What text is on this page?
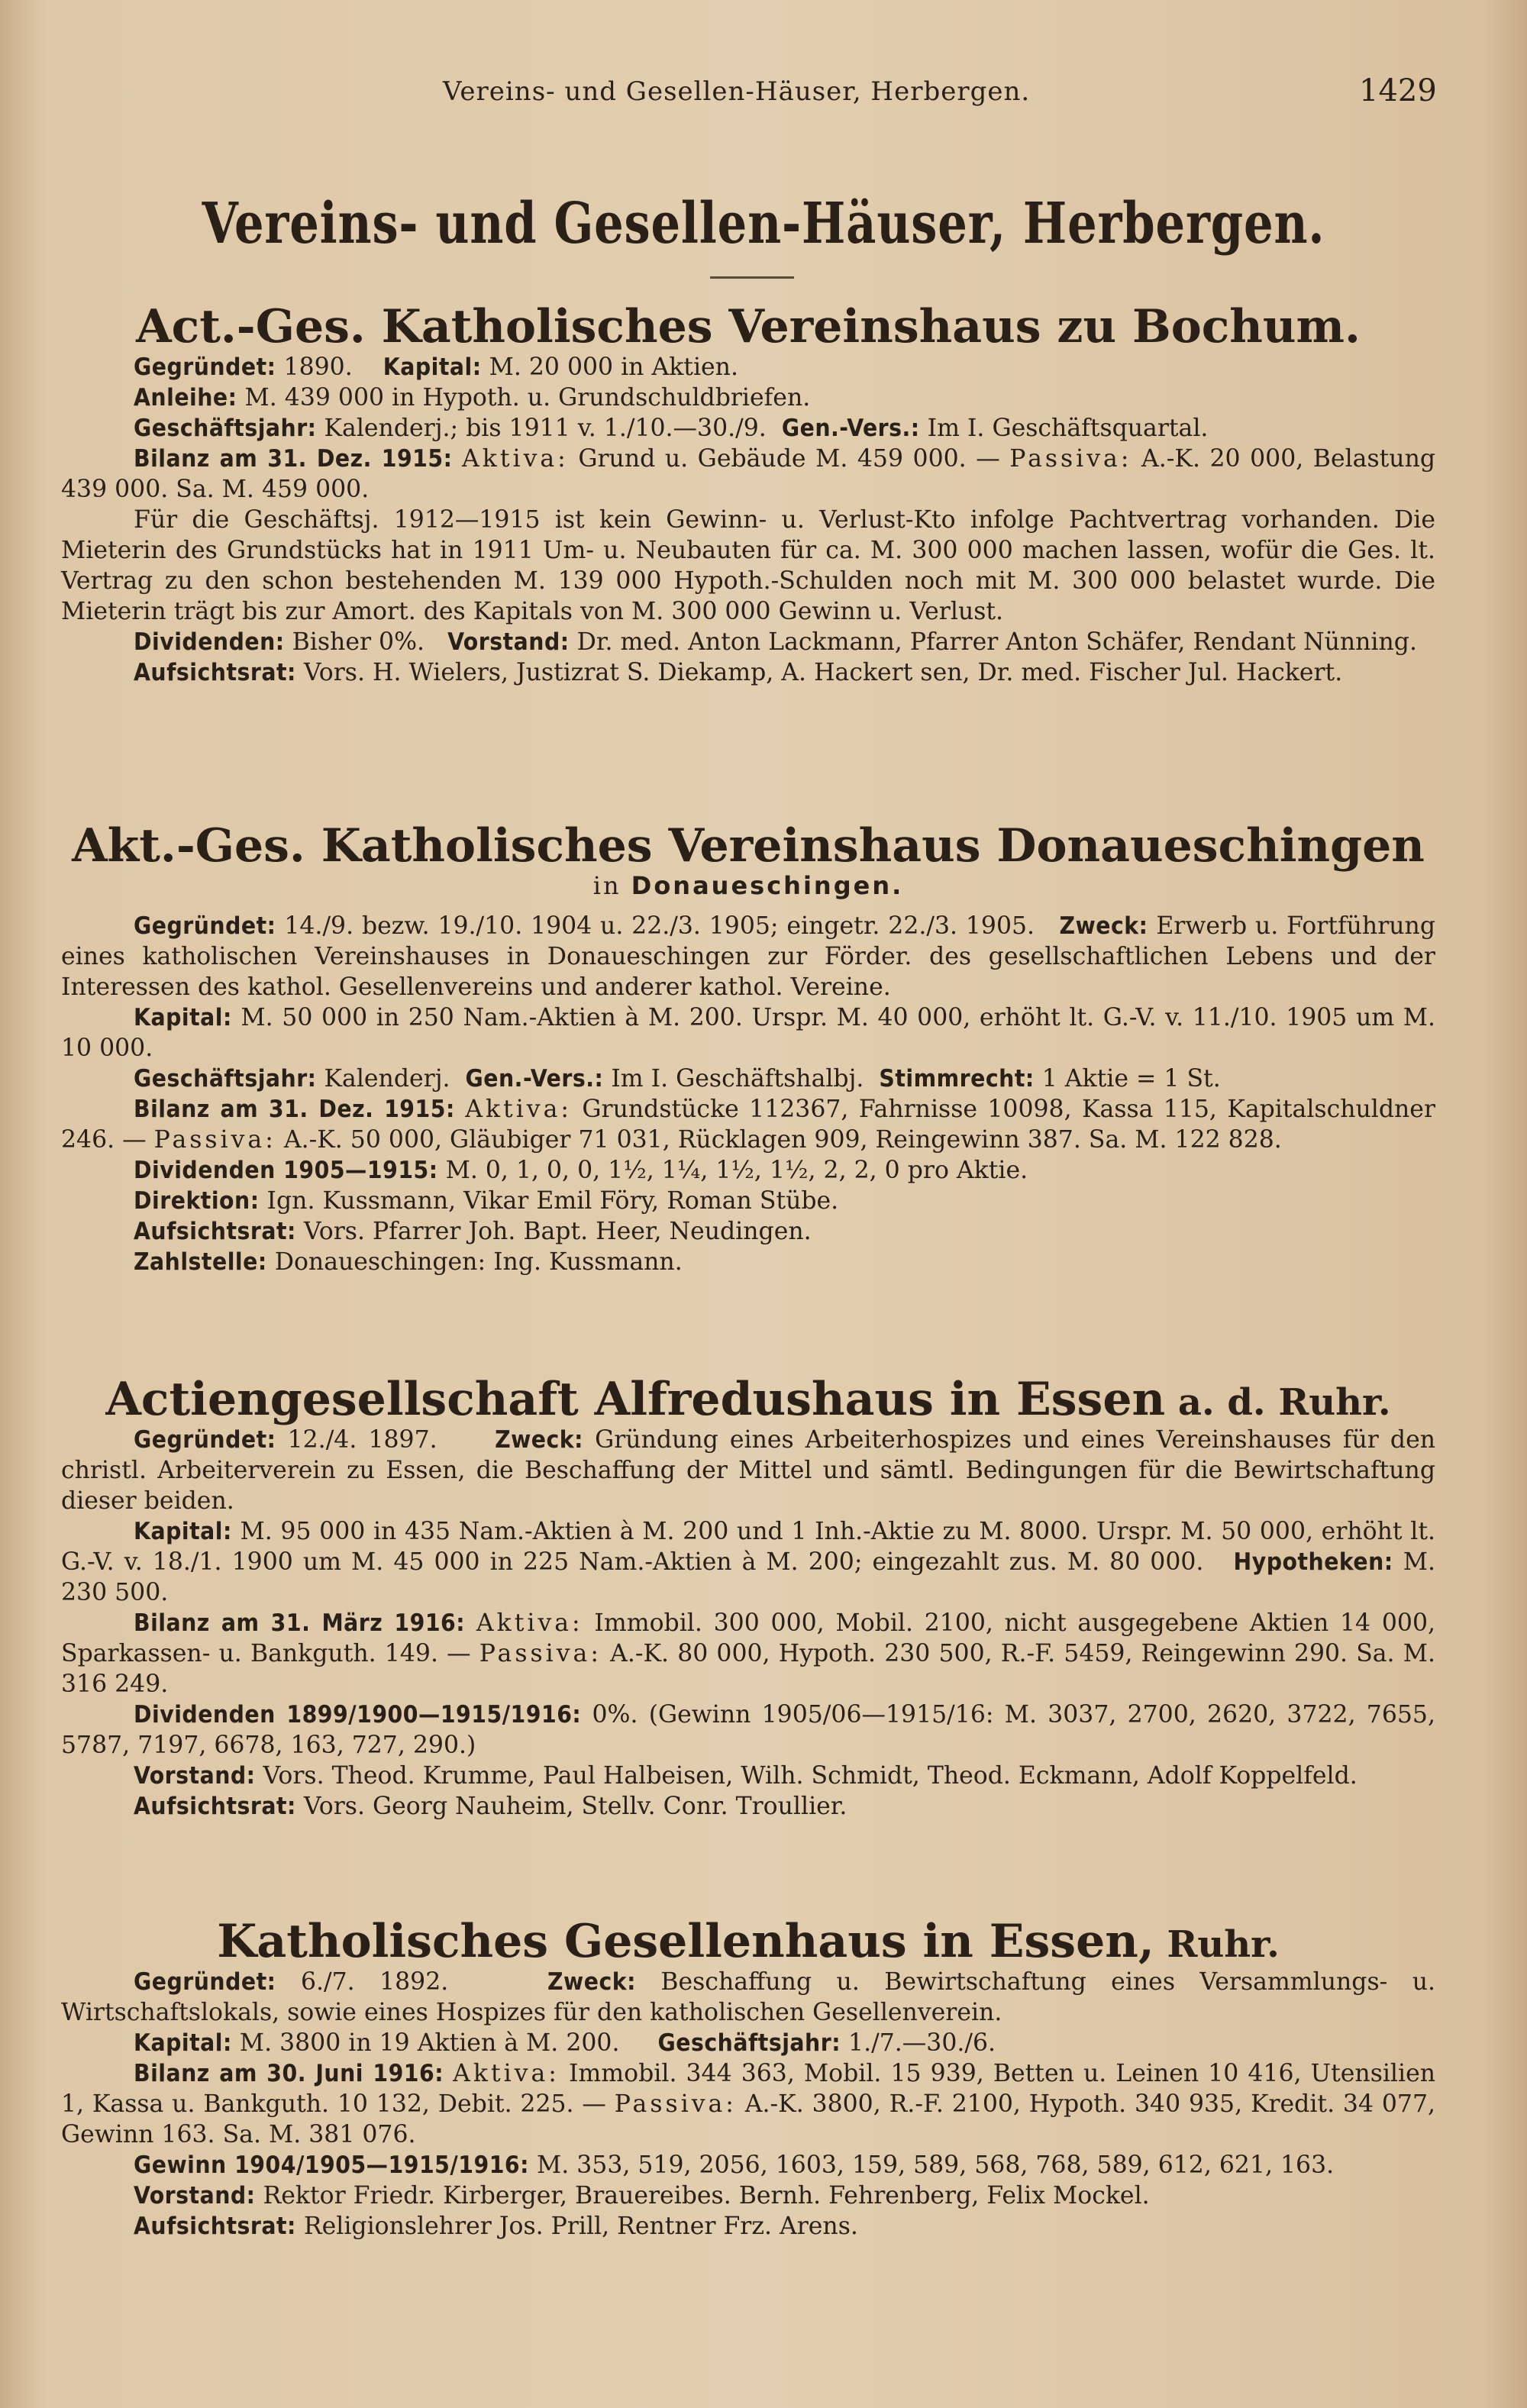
Vereins- und Gesellen-Häuser, Herbergen.	1429
Vereins- und Gesellen-Häuser, Herbergen.
Act.-Ges. Katholisches Vereinshaus zu Bochum.

Gegründet: 1890.    Kapital: M. 20 000 in Aktien.

Anleihe: M. 439 000 in Hypoth. u. Grundschuldbriefen.

Geschäftsjahr: Kalenderj.; bis 1911 v. 1./10.—30./9.  Gen.-Vers.: Im I. Geschäftsquartal.

Bilanz am 31. Dez. 1915: Aktiva: Grund u. Gebäude M. 459 000. — Passiva: A.-K. 20 000, Belastung 439 000. Sa. M. 459 000.

Für die Geschäftsj. 1912—1915 ist kein Gewinn- u. Verlust-Kto infolge Pachtvertrag vorhanden. Die Mieterin des Grundstücks hat in 1911 Um- u. Neubauten für ca. M. 300 000 machen lassen, wofür die Ges. lt. Vertrag zu den schon bestehenden M. 139 000 Hypoth.-Schulden noch mit M. 300 000 belastet wurde. Die Mieterin trägt bis zur Amort. des Kapitals von M. 300 000 Gewinn u. Verlust.

Dividenden: Bisher 0%.   Vorstand: Dr. med. Anton Lackmann, Pfarrer Anton Schäfer, Rendant Nünning.

Aufsichtsrat: Vors. H. Wielers, Justizrat S. Diekamp, A. Hackert sen, Dr. med. Fischer Jul. Hackert.

Akt.-Ges. Katholisches Vereinshaus Donaueschingen
in Donaueschingen.

Gegründet: 14./9. bezw. 19./10. 1904 u. 22./3. 1905; eingetr. 22./3. 1905.   Zweck: Erwerb u. Fortführung eines katholischen Vereinshauses in Donaueschingen zur Förder. des gesellschaftlichen Lebens und der Interessen des kathol. Gesellenvereins und anderer kathol. Vereine.

Kapital: M. 50 000 in 250 Nam.-Aktien à M. 200. Urspr. M. 40 000, erhöht lt. G.-V. v. 11./10. 1905 um M. 10 000.

Geschäftsjahr: Kalenderj.  Gen.-Vers.: Im I. Geschäftshalbj.  Stimmrecht: 1 Aktie = 1 St.

Bilanz am 31. Dez. 1915: Aktiva: Grundstücke 112367, Fahrnisse 10098, Kassa 115, Kapitalschuldner 246. — Passiva: A.-K. 50 000, Gläubiger 71 031, Rücklagen 909, Reingewinn 387. Sa. M. 122 828.

Dividenden 1905—1915: M. 0, 1, 0, 0, 1½, 1¼, 1½, 1½, 2, 2, 0 pro Aktie.

Direktion: Ign. Kussmann, Vikar Emil Föry, Roman Stübe.

Aufsichtsrat: Vors. Pfarrer Joh. Bapt. Heer, Neudingen.

Zahlstelle: Donaueschingen: Ing. Kussmann.

Actiengesellschaft Alfredushaus in Essen a. d. Ruhr.

Gegründet: 12./4. 1897.     Zweck: Gründung eines Arbeiterhospizes und eines Vereinshauses für den christl. Arbeiterverein zu Essen, die Beschaffung der Mittel und sämtl. Bedingungen für die Bewirtschaftung dieser beiden.

Kapital: M. 95 000 in 435 Nam.-Aktien à M. 200 und 1 Inh.-Aktie zu M. 8000. Urspr. M. 50 000, erhöht lt. G.-V. v. 18./1. 1900 um M. 45 000 in 225 Nam.-Aktien à M. 200; eingezahlt zus. M. 80 000.   Hypotheken: M. 230 500.

Bilanz am 31. März 1916: Aktiva: Immobil. 300 000, Mobil. 2100, nicht ausgegebene Aktien 14 000, Sparkassen- u. Bankguth. 149. — Passiva: A.-K. 80 000, Hypoth. 230 500, R.-F. 5459, Reingewinn 290. Sa. M. 316 249.

Dividenden 1899/1900—1915/1916: 0%. (Gewinn 1905/06—1915/16: M. 3037, 2700, 2620, 3722, 7655, 5787, 7197, 6678, 163, 727, 290.)

Vorstand: Vors. Theod. Krumme, Paul Halbeisen, Wilh. Schmidt, Theod. Eckmann, Adolf Koppelfeld.

Aufsichtsrat: Vors. Georg Nauheim, Stellv. Conr. Troullier.

Katholisches Gesellenhaus in Essen, Ruhr.

Gegründet: 6./7. 1892.    Zweck: Beschaffung u. Bewirtschaftung eines Versammlungs- u. Wirtschaftslokals, sowie eines Hospizes für den katholischen Gesellenverein.

Kapital: M. 3800 in 19 Aktien à M. 200.     Geschäftsjahr: 1./7.—30./6.

Bilanz am 30. Juni 1916: Aktiva: Immobil. 344 363, Mobil. 15 939, Betten u. Leinen 10 416, Utensilien 1, Kassa u. Bankguth. 10 132, Debit. 225. — Passiva: A.-K. 3800, R.-F. 2100, Hypoth. 340 935, Kredit. 34 077, Gewinn 163. Sa. M. 381 076.

Gewinn 1904/1905—1915/1916: M. 353, 519, 2056, 1603, 159, 589, 568, 768, 589, 612, 621, 163.

Vorstand: Rektor Friedr. Kirberger, Brauereibes. Bernh. Fehrenberg, Felix Mockel.

Aufsichtsrat: Religionslehrer Jos. Prill, Rentner Frz. Arens.
